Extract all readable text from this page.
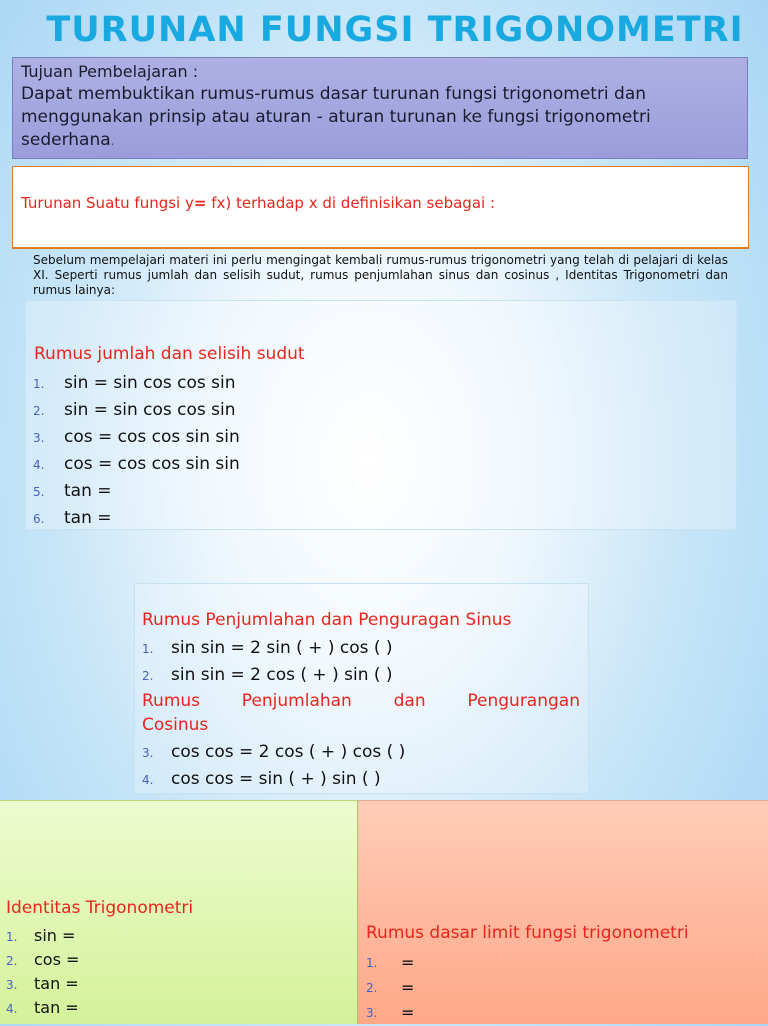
TURUNAN FUNGSI TRIGONOMETRI
Tujuan Pembelajaran :
Dapat membuktikan rumus-rumus dasar turunan fungsi trigonometri dan menggunakan prinsip atau aturan - aturan turunan ke fungsi trigonometri sederhana.
Turunan Suatu fungsi y= fx) terhadap x di definisikan sebagai :
Sebelum mempelajari materi ini perlu mengingat kembali rumus-rumus trigonometri yang telah di pelajari di kelas XI. Seperti rumus jumlah dan selisih sudut, rumus penjumlahan sinus dan cosinus , Identitas Trigonometri dan rumus lainya:
Rumus jumlah dan selisih sudut
1. sin = sin cos cos sin
2. sin = sin cos cos sin
3. cos = cos cos sin sin
4. cos = cos cos sin sin
5. tan =
6. tan =
Rumus Penjumlahan dan Penguragan Sinus
1. sin sin = 2 sin ( + ) cos ( )
2. sin sin = 2 cos ( + ) sin ( )
Rumus Penjumlahan dan Pengurangan
Cosinus
3. cos cos = 2 cos ( + ) cos ( )
4. cos cos = sin ( + ) sin ( )
Identitas Trigonometri
1. sin =
2. cos =
3. tan =
4. tan =
Rumus dasar limit fungsi trigonometri
1. =
2. =
3. =
